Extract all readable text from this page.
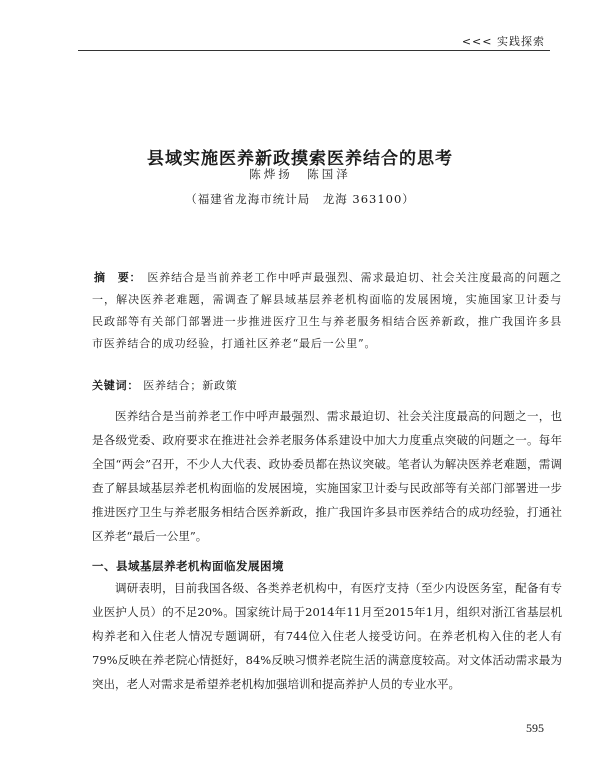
<<< 实践探索
县域实施医养新政摸索医养结合的思考
陈烨扬　陈国泽
（福建省龙海市统计局　龙海 363100）

摘　要： 医养结合是当前养老工作中呼声最强烈、需求最迫切、社会关注度最高的问题之一，解决医养老难题，需调查了解县域基层养老机构面临的发展困境，实施国家卫计委与民政部等有关部门部署进一步推进医疗卫生与养老服务相结合医养新政，推广我国许多县市医养结合的成功经验，打通社区养老“最后一公里”。

关键词： 医养结合；新政策

医养结合是当前养老工作中呼声最强烈、需求最迫切、社会关注度最高的问题之一，也是各级党委、政府要求在推进社会养老服务体系建设中加大力度重点突破的问题之一。每年全国“两会”召开，不少人大代表、政协委员都在热议突破。笔者认为解决医养老难题，需调查了解县域基层养老机构面临的发展困境，实施国家卫计委与民政部等有关部门部署进一步推进医疗卫生与养老服务相结合医养新政，推广我国许多县市医养结合的成功经验，打通社区养老“最后一公里”。

一、县域基层养老机构面临发展困境

调研表明，目前我国各级、各类养老机构中，有医疗支持（至少内设医务室，配备有专业医护人员）的不足20%。国家统计局于2014年11月至2015年1月，组织对浙江省基层机构养老和入住老人情况专题调研，有744位入住老人接受访问。在养老机构入住的老人有79%反映在养老院心情挺好，84%反映习惯养老院生活的满意度较高。对文体活动需求最为突出，老人对需求是希望养老机构加强培训和提高养护人员的专业水平。

595
